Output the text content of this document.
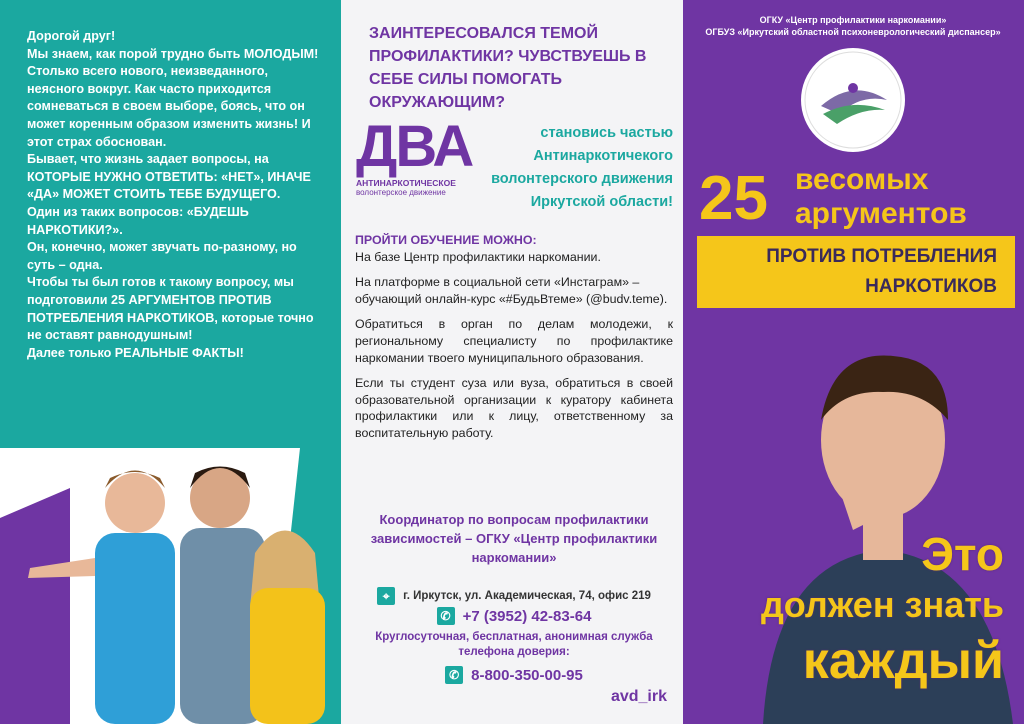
Дорогой друг!

Мы знаем, как порой трудно быть МОЛОДЫМ!

Столько всего нового, неизведанного, неясного вокруг. Как часто приходится сомневаться в своем выборе, боясь, что он может коренным образом изменить жизнь! И этот страх обоснован.

Бывает, что жизнь задает вопросы, на КОТОРЫЕ НУЖНО ОТВЕТИТЬ: «НЕТ», ИНАЧЕ «ДА» МОЖЕТ СТОИТЬ ТЕБЕ БУДУЩЕГО.

Один из таких вопросов: «БУДЕШЬ НАРКОТИКИ?».

Он, конечно, может звучать по-разному, но суть – одна.

Чтобы ты был готов к такому вопросу, мы подготовили 25 АРГУМЕНТОВ ПРОТИВ ПОТРЕБЛЕНИЯ НАРКОТИКОВ, которые точно не оставят равнодушным!

Далее только РЕАЛЬНЫЕ ФАКТЫ!

ЗАИНТЕРЕСОВАЛСЯ ТЕМОЙ ПРОФИЛАКТИКИ? ЧУВСТВУЕШЬ В СЕБЕ СИЛЫ ПОМОГАТЬ ОКРУЖАЮЩИМ?
ДВА
АНТИНАРКОТИЧЕСКОЕ
волонтерское движение
становись частью Антинаркотичекого волонтерского движения Иркутской области!
ПРОЙТИ ОБУЧЕНИЕ МОЖНО:

На базе Центр профилактики наркомании.

На платформе в социальной сети «Инстаграм» – обучающий онлайн-курс «#БудьВтеме» (@budv.teme).

Обратиться в орган по делам молодежи, к региональному специалисту по профилактике наркомании твоего муниципального образования.

Если ты студент суза или вуза, обратиться в своей образовательной организации к куратору кабинета профилактики или к лицу, ответственному за воспитательную работу.

Координатор по вопросам профилактики зависимостей – ОГКУ «Центр профилактики наркомании»
⌖	г. Иркутск, ул. Академическая, 74, офис 219
✆ +7 (3952) 42-83-64
Круглосуточная, бесплатная, анонимная служба телефона доверия:
✆ 8-800-350-00-95
avd_irk
ОГКУ «Центр профилактики наркомании»
ОГБУЗ «Иркутский областной психоневрологический диспансер»
25 весомых
аргументов
ПРОТИВ ПОТРЕБЛЕНИЯ
НАРКОТИКОВ
Это
должен знать
каждый
